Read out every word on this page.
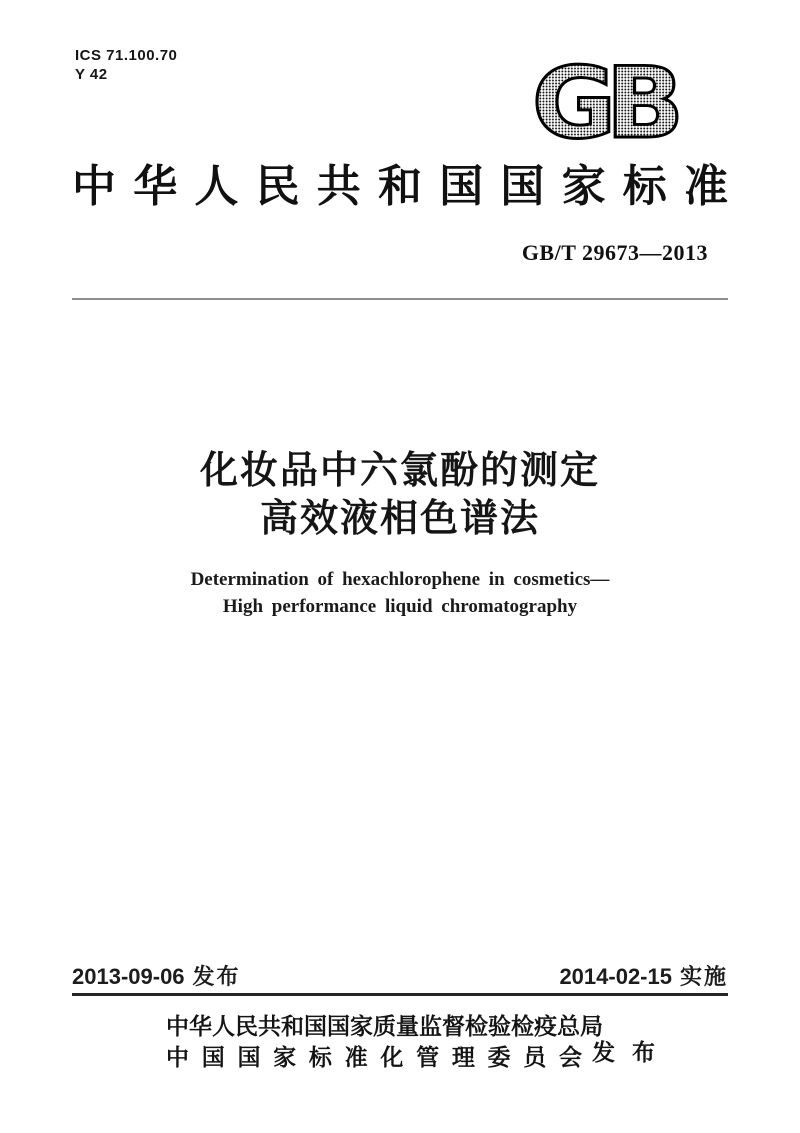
ICS 71.100.70
Y 42	GB
中华人民共和国国家标准
GB/T 29673—2013
化妆品中六氯酚的测定
高效液相色谱法
Determination of hexachlorophene in cosmetics—
High performance liquid chromatography
2013-09-06 发布	2014-02-15 实施
中华人民共和国国家质量监督检验检疫总局
中国国家标准化管理委员会 发布
